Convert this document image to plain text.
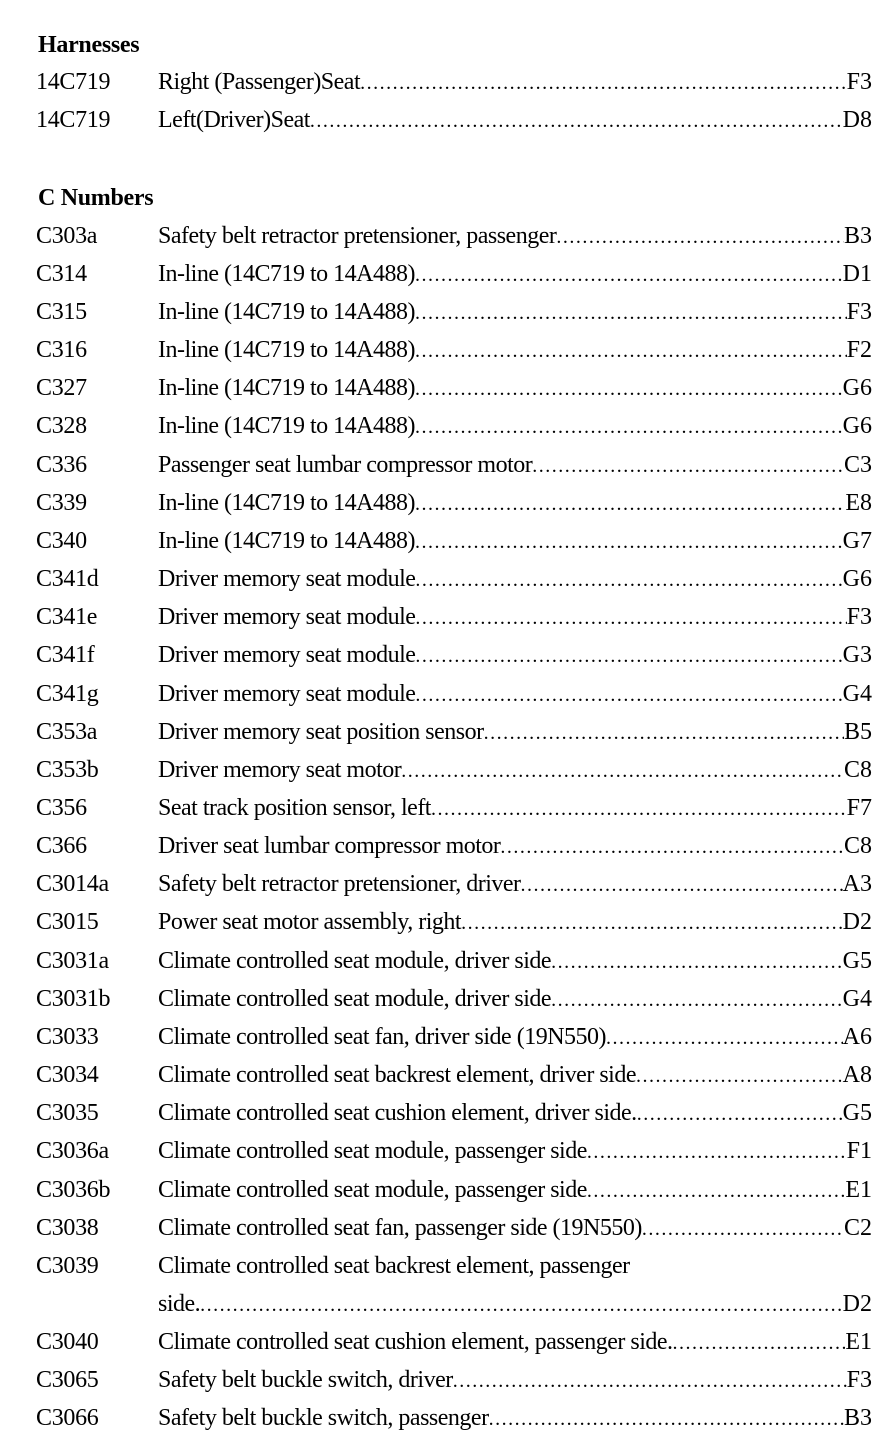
Harnesses
14C719	Right (Passenger)Seat .....	F3
14C719	Left(Driver)Seat .....	D8
C Numbers
C303a	Safety belt retractor pretensioner, passenger .....	B3
C314	In-line (14C719 to 14A488) .....	D1
C315	In-line (14C719 to 14A488) .....	F3
C316	In-line (14C719 to 14A488) .....	F2
C327	In-line (14C719 to 14A488) .....	G6
C328	In-line (14C719 to 14A488) .....	G6
C336	Passenger seat lumbar compressor motor .....	C3
C339	In-line (14C719 to 14A488) .....	E8
C340	In-line (14C719 to 14A488) .....	G7
C341d	Driver memory seat module .....	G6
C341e	Driver memory seat module .....	F3
C341f	Driver memory seat module .....	G3
C341g	Driver memory seat module .....	G4
C353a	Driver memory seat position sensor .....	B5
C353b	Driver memory seat motor .....	C8
C356	Seat track position sensor, left .....	F7
C366	Driver seat lumbar compressor motor .....	C8
C3014a	Safety belt retractor pretensioner, driver .....	A3
C3015	Power seat motor assembly, right .....	D2
C3031a	Climate controlled seat module, driver side .....	G5
C3031b	Climate controlled seat module, driver side .....	G4
C3033	Climate controlled seat fan, driver side (19N550) .....	A6
C3034	Climate controlled seat backrest element, driver side .....	A8
C3035	Climate controlled seat cushion element, driver side. .....	G5
C3036a	Climate controlled seat module, passenger side .....	F1
C3036b	Climate controlled seat module, passenger side .....	E1
C3038	Climate controlled seat fan, passenger side (19N550) .....	C2
C3039	Climate controlled seat backrest element, passenger
side. .....	D2
C3040	Climate controlled seat cushion element, passenger side. .....	E1
C3065	Safety belt buckle switch, driver .....	F3
C3066	Safety belt buckle switch, passenger .....	B3
